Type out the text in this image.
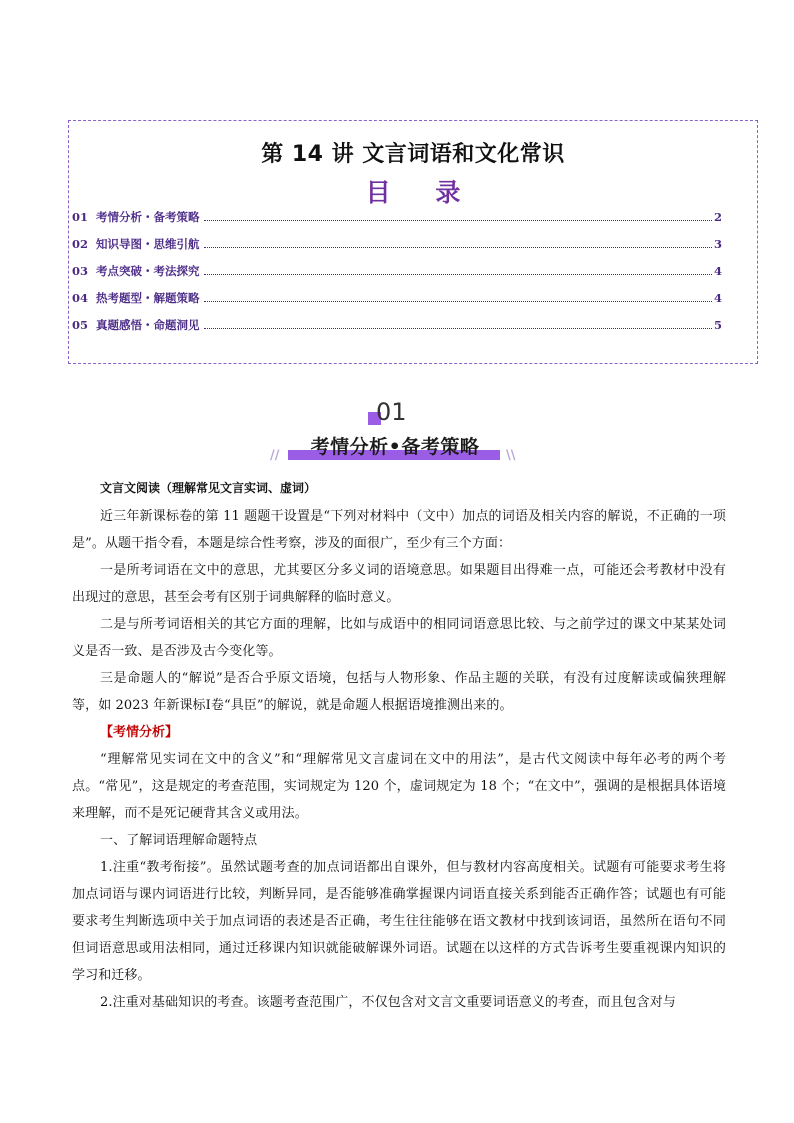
第 14 讲 文言词语和文化常识
目 录
01 考情分析・备考策略	2
02 知识导图・思维引航	3
03 考点突破・考法探究	4
04 热考题型・解题策略	4
05 真题感悟・命题洞见	5
01
//	\\
考情分析•备考策略
文言文阅读（理解常见文言实词、虚词）

近三年新课标卷的第 11 题题干设置是“下列对材料中（文中）加点的词语及相关内容的解说，不正确的一项是”。从题干指令看，本题是综合性考察，涉及的面很广，至少有三个方面：

一是所考词语在文中的意思，尤其要区分多义词的语境意思。如果题目出得难一点，可能还会考教材中没有出现过的意思，甚至会考有区别于词典解释的临时意义。

二是与所考词语相关的其它方面的理解，比如与成语中的相同词语意思比较、与之前学过的课文中某某处词义是否一致、是否涉及古今变化等。

三是命题人的“解说”是否合乎原文语境，包括与人物形象、作品主题的关联，有没有过度解读或偏狭理解等，如 2023 年新课标Ⅰ卷“具臣”的解说，就是命题人根据语境推测出来的。

【考情分析】

“理解常见实词在文中的含义”和“理解常见文言虚词在文中的用法”，是古代文阅读中每年必考的两个考点。“常见”，这是规定的考查范围，实词规定为 120 个，虚词规定为 18 个；“在文中”，强调的是根据具体语境来理解，而不是死记硬背其含义或用法。

一、了解词语理解命题特点

1.注重“教考衔接”。虽然试题考查的加点词语都出自课外，但与教材内容高度相关。试题有可能要求考生将加点词语与课内词语进行比较，判断异同，是否能够准确掌握课内词语直接关系到能否正确作答；试题也有可能要求考生判断选项中关于加点词语的表述是否正确，考生往往能够在语文教材中找到该词语，虽然所在语句不同但词语意思或用法相同，通过迁移课内知识就能破解课外词语。试题在以这样的方式告诉考生要重视课内知识的学习和迁移。

2.注重对基础知识的考查。该题考查范围广，不仅包含对文言文重要词语意义的考查，而且包含对与
